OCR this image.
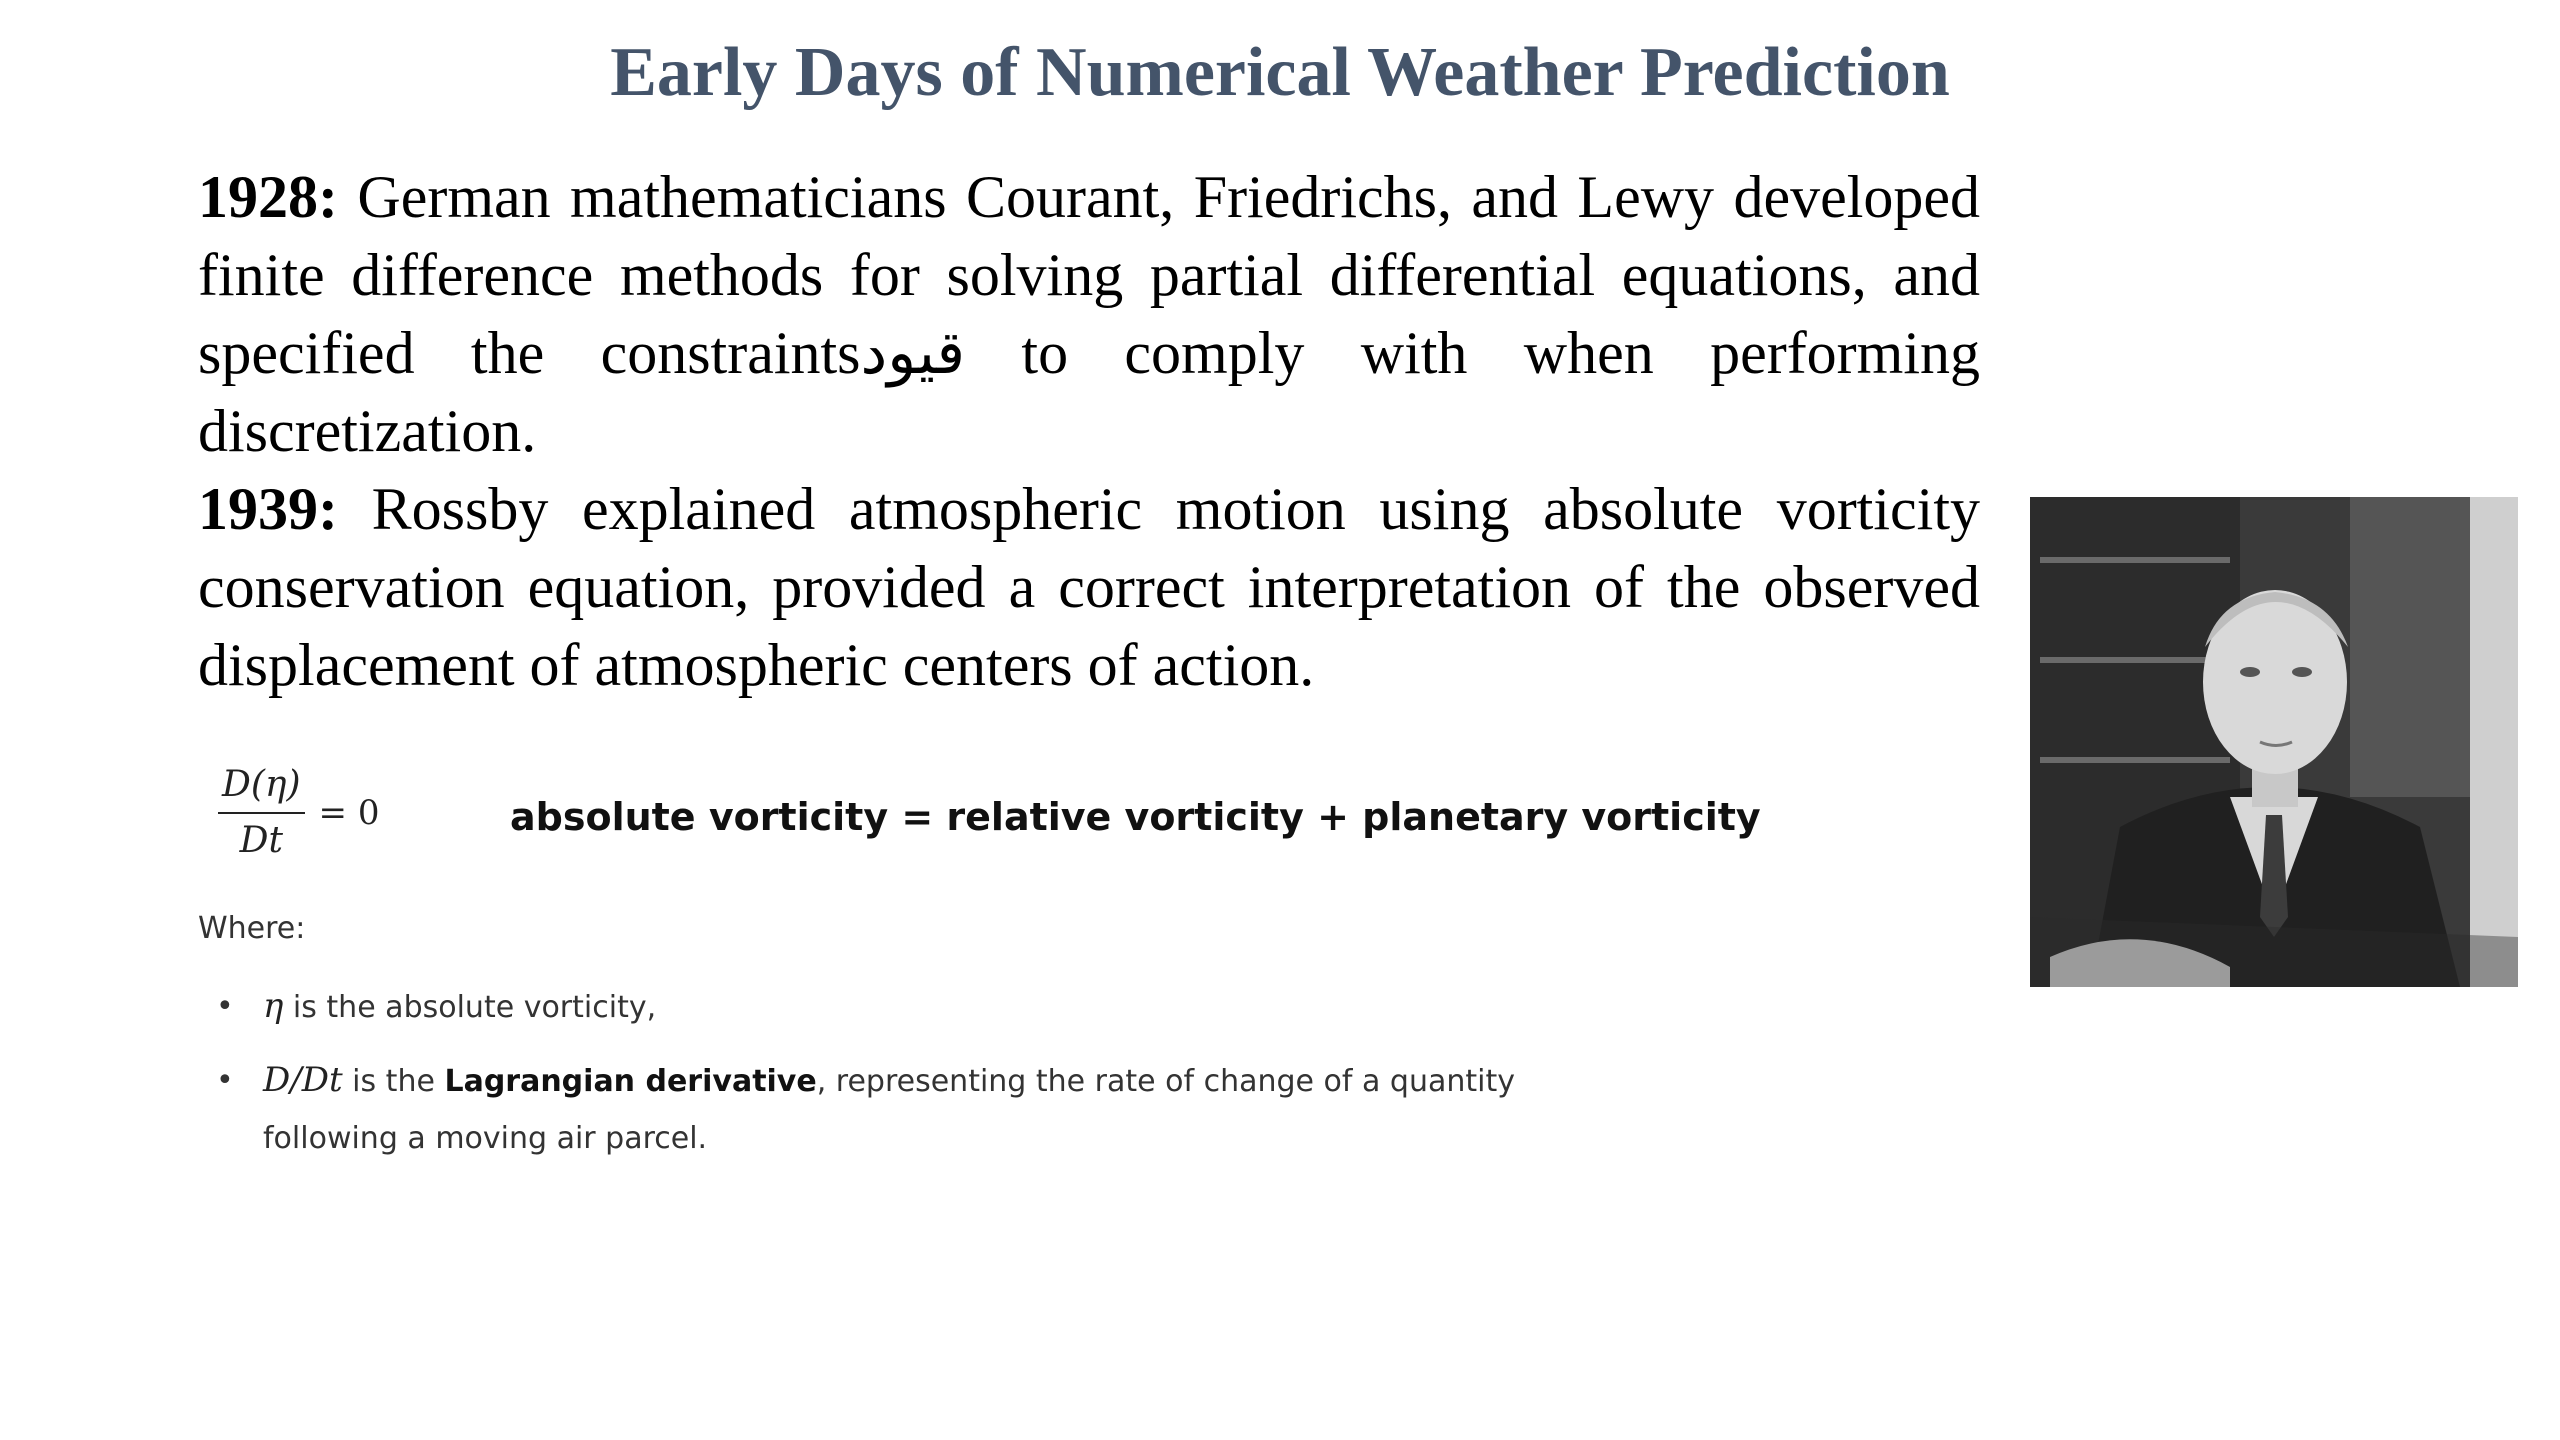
Early Days of Numerical Weather Prediction

1928: German mathematicians Courant, Friedrichs, and Lewy developed finite difference methods for solving partial differential equations, and specified the constraintsقيود to comply with when performing discretization.

1939: Rossby explained atmospheric motion using absolute vorticity conservation equation, provided a correct interpretation of the observed displacement of atmospheric centers of action.

$\frac{D(\eta)}{Dt} = 0$	absolute vorticity = relative vorticity + planetary vorticity
Where:
• η is the absolute vorticity,
• D/Dt is the Lagrangian derivative, representing the rate of change of a quantity following a moving air parcel.
